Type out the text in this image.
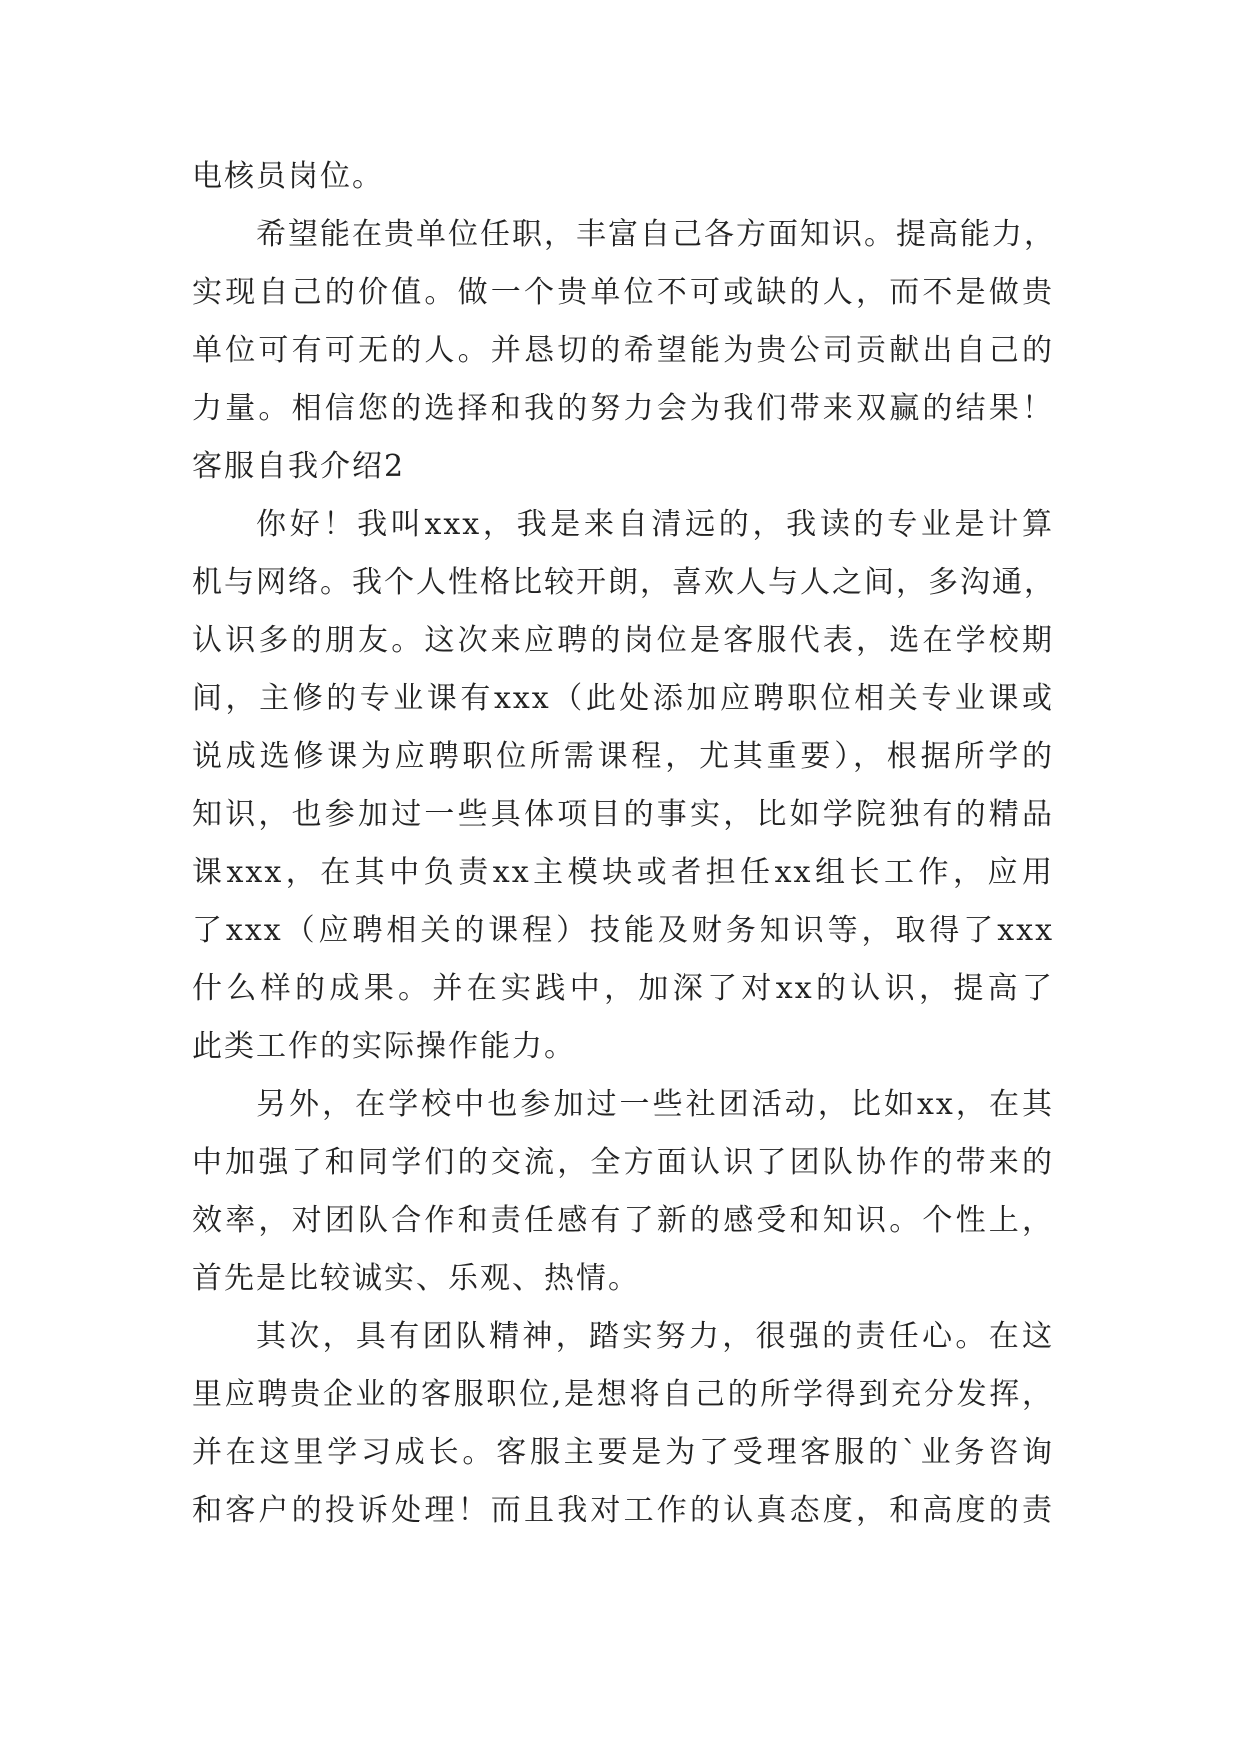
电核员岗位。
希望能在贵单位任职，丰富自己各方面知识。提高能力，
实现自己的价值。做一个贵单位不可或缺的人，而不是做贵
单位可有可无的人。并恳切的希望能为贵公司贡献出自己的
力量。相信您的选择和我的努力会为我们带来双赢的结果！
客服自我介绍2
你好！我叫xxx，我是来自清远的，我读的专业是计算
机与网络。我个人性格比较开朗，喜欢人与人之间，多沟通，
认识多的朋友。这次来应聘的岗位是客服代表，选在学校期
间，主修的专业课有xxx（此处添加应聘职位相关专业课或
说成选修课为应聘职位所需课程，尤其重要），根据所学的
知识，也参加过一些具体项目的事实，比如学院独有的精品
课xxx，在其中负责xx主模块或者担任xx组长工作，应用
了xxx（应聘相关的课程）技能及财务知识等，取得了xxx
什么样的成果。并在实践中，加深了对xx的认识，提高了
此类工作的实际操作能力。
另外，在学校中也参加过一些社团活动，比如xx，在其
中加强了和同学们的交流，全方面认识了团队协作的带来的
效率，对团队合作和责任感有了新的感受和知识。个性上，
首先是比较诚实、乐观、热情。
其次，具有团队精神，踏实努力，很强的责任心。在这
里应聘贵企业的客服职位,是想将自己的所学得到充分发挥，
并在这里学习成长。客服主要是为了受理客服的`业务咨询
和客户的投诉处理！而且我对工作的认真态度，和高度的责
